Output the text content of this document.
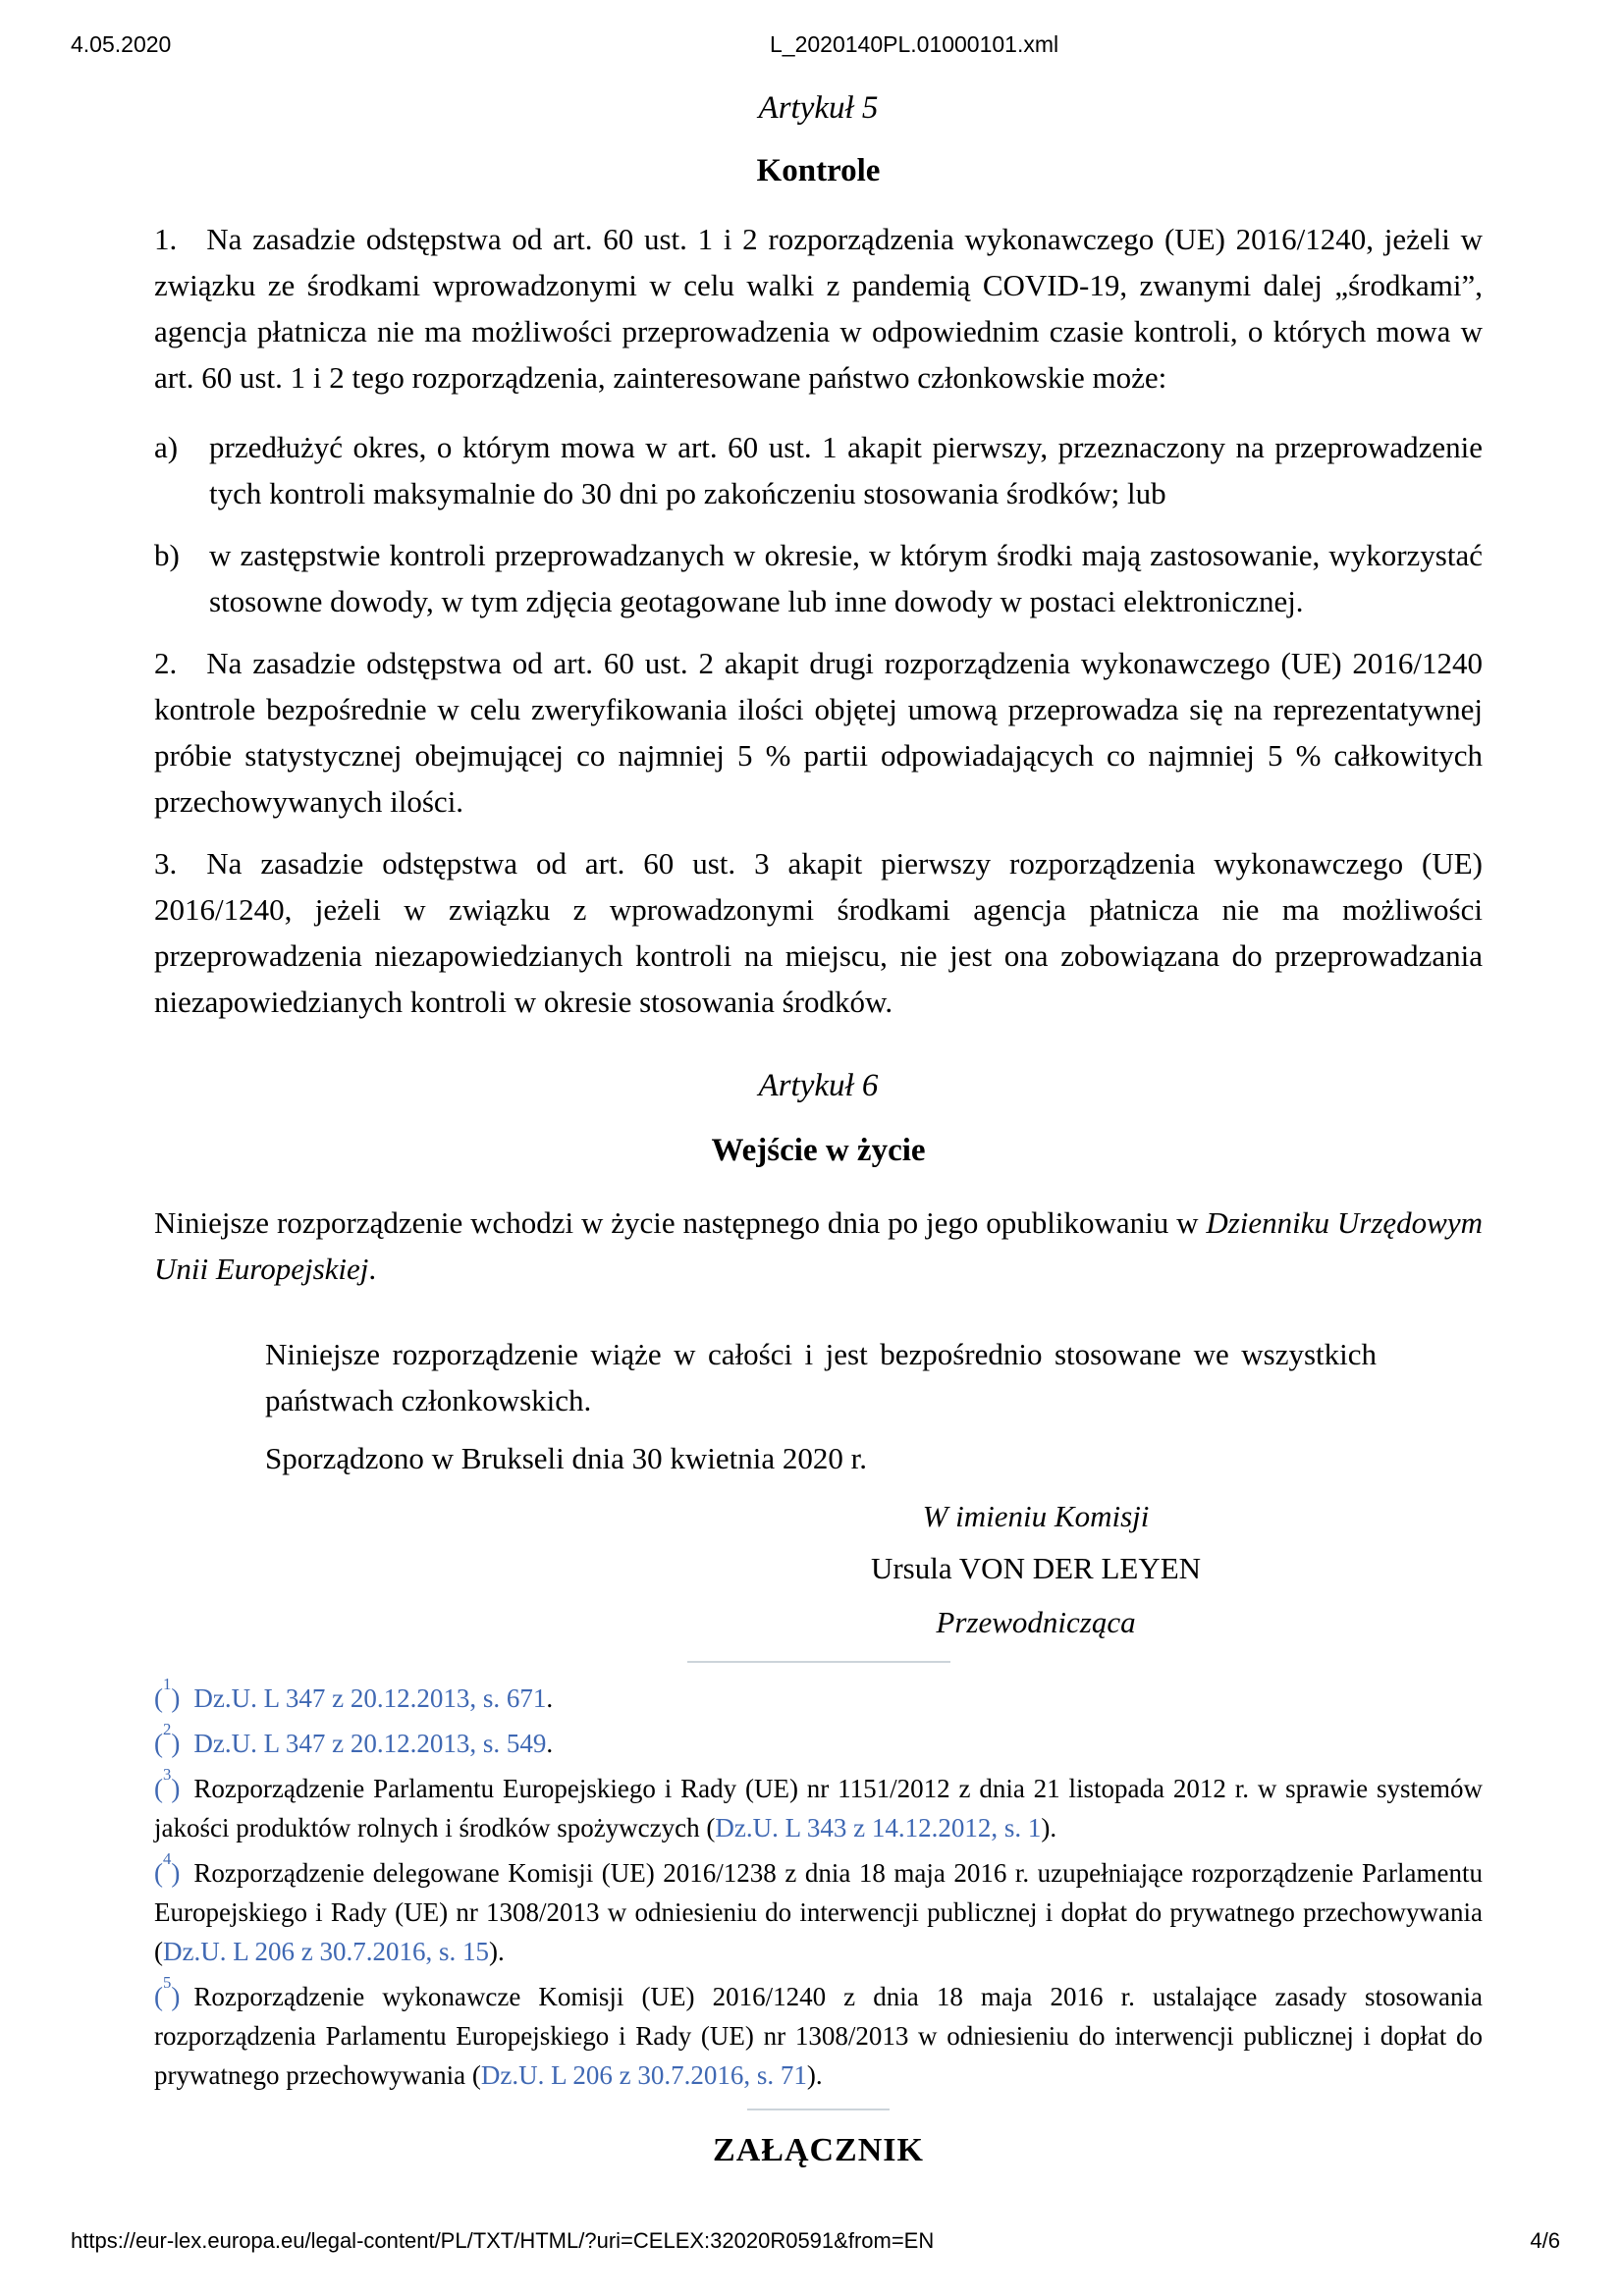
4.05.2020	L_2020140PL.01000101.xml
Artykuł 5
Kontrole

1. Na zasadzie odstępstwa od art. 60 ust. 1 i 2 rozporządzenia wykonawczego (UE) 2016/1240, jeżeli w związku ze środkami wprowadzonymi w celu walki z pandemią COVID-19, zwanymi dalej „środkami”, agencja płatnicza nie ma możliwości przeprowadzenia w odpowiednim czasie kontroli, o których mowa w art. 60 ust. 1 i 2 tego rozporządzenia, zainteresowane państwo członkowskie może:

a) przedłużyć okres, o którym mowa w art. 60 ust. 1 akapit pierwszy, przeznaczony na przeprowadzenie tych kontroli maksymalnie do 30 dni po zakończeniu stosowania środków; lub
b) w zastępstwie kontroli przeprowadzanych w okresie, w którym środki mają zastosowanie, wykorzystać stosowne dowody, w tym zdjęcia geotagowane lub inne dowody w postaci elektronicznej.

2. Na zasadzie odstępstwa od art. 60 ust. 2 akapit drugi rozporządzenia wykonawczego (UE) 2016/1240 kontrole bezpośrednie w celu zweryfikowania ilości objętej umową przeprowadza się na reprezentatywnej próbie statystycznej obejmującej co najmniej 5 % partii odpowiadających co najmniej 5 % całkowitych przechowywanych ilości.

3. Na zasadzie odstępstwa od art. 60 ust. 3 akapit pierwszy rozporządzenia wykonawczego (UE) 2016/1240, jeżeli w związku z wprowadzonymi środkami agencja płatnicza nie ma możliwości przeprowadzenia niezapowiedzianych kontroli na miejscu, nie jest ona zobowiązana do przeprowadzania niezapowiedzianych kontroli w okresie stosowania środków.

Artykuł 6
Wejście w życie

Niniejsze rozporządzenie wchodzi w życie następnego dnia po jego opublikowaniu w Dzienniku Urzędowym Unii Europejskiej.

Niniejsze rozporządzenie wiąże w całości i jest bezpośrednio stosowane we wszystkich państwach członkowskich.

Sporządzono w Brukseli dnia 30 kwietnia 2020 r.

W imieniu Komisji
Ursula VON DER LEYEN
Przewodnicząca

($^1$) Dz.U. L 347 z 20.12.2013, s. 671.

($^2$) Dz.U. L 347 z 20.12.2013, s. 549.

($^3$) Rozporządzenie Parlamentu Europejskiego i Rady (UE) nr 1151/2012 z dnia 21 listopada 2012 r. w sprawie systemów jakości produktów rolnych i środków spożywczych (Dz.U. L 343 z 14.12.2012, s. 1).

($^4$) Rozporządzenie delegowane Komisji (UE) 2016/1238 z dnia 18 maja 2016 r. uzupełniające rozporządzenie Parlamentu Europejskiego i Rady (UE) nr 1308/2013 w odniesieniu do interwencji publicznej i dopłat do prywatnego przechowywania (Dz.U. L 206 z 30.7.2016, s. 15).

($^5$) Rozporządzenie wykonawcze Komisji (UE) 2016/1240 z dnia 18 maja 2016 r. ustalające zasady stosowania rozporządzenia Parlamentu Europejskiego i Rady (UE) nr 1308/2013 w odniesieniu do interwencji publicznej i dopłat do prywatnego przechowywania (Dz.U. L 206 z 30.7.2016, s. 71).

ZAŁĄCZNIK
https://eur-lex.europa.eu/legal-content/PL/TXT/HTML/?uri=CELEX:32020R0591&from=EN	4/6
